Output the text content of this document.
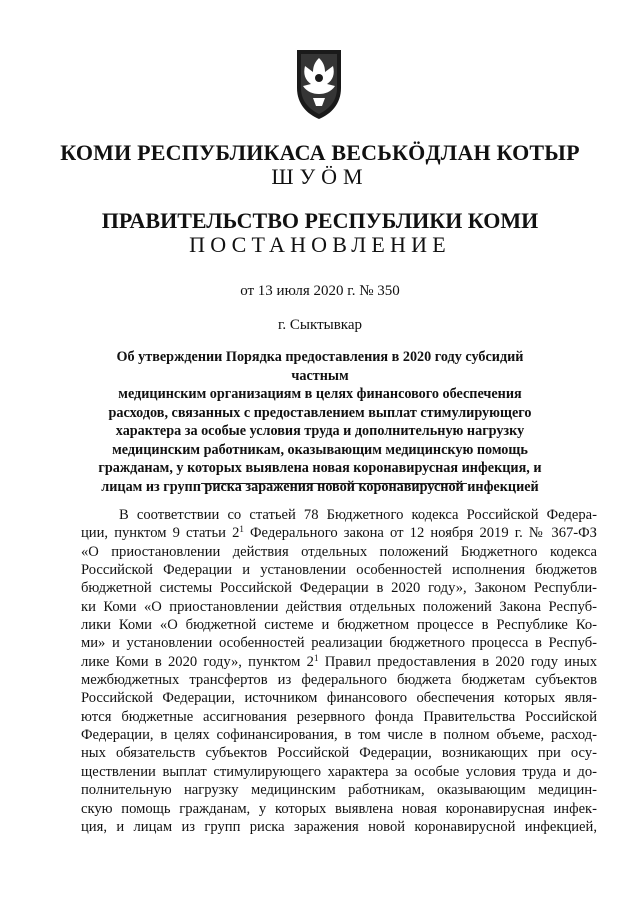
КОМИ РЕСПУБЛИКАСА ВЕСЬКӦДЛАН КОТЫР
ШУӦМ
ПРАВИТЕЛЬСТВО РЕСПУБЛИКИ КОМИ
ПОСТАНОВЛЕНИЕ
от 13 июля 2020 г. № 350
г. Сыктывкар
Об утверждении Порядка предоставления в 2020 году субсидий частным
медицинским организациям в целях финансового обеспечения
расходов, связанных с предоставлением выплат стимулирующего
характера за особые условия труда и дополнительную нагрузку
медицинским работникам, оказывающим медицинскую помощь
гражданам, у которых выявлена новая коронавирусная инфекция, и
лицам из групп риска заражения новой коронавирусной инфекцией
В соответствии со статьей 78 Бюджетного кодекса Российской Федера-
ции, пунктом 9 статьи $2^1$ Федерального закона от 12 ноября 2019 г. № 367-ФЗ
«О приостановлении действия отдельных положений Бюджетного кодекса
Российской Федерации и установлении особенностей исполнения бюджетов
бюджетной системы Российской Федерации в 2020 году», Законом Республи-
ки Коми «О приостановлении действия отдельных положений Закона Респуб-
лики Коми «О бюджетной системе и бюджетном процессе в Республике Ко-
ми» и установлении особенностей реализации бюджетного процесса в Респуб-
лике Коми в 2020 году», пунктом $2^1$ Правил предоставления в 2020 году иных
межбюджетных трансфертов из федерального бюджета бюджетам субъектов
Российской Федерации, источником финансового обеспечения которых явля-
ются бюджетные ассигнования резервного фонда Правительства Российской
Федерации, в целях софинансирования, в том числе в полном объеме, расход-
ных обязательств субъектов Российской Федерации, возникающих при осу-
ществлении выплат стимулирующего характера за особые условия труда и до-
полнительную нагрузку медицинским работникам, оказывающим медицин-
скую помощь гражданам, у которых выявлена новая коронавирусная инфек-
ция, и лицам из групп риска заражения новой коронавирусной инфекцией,
